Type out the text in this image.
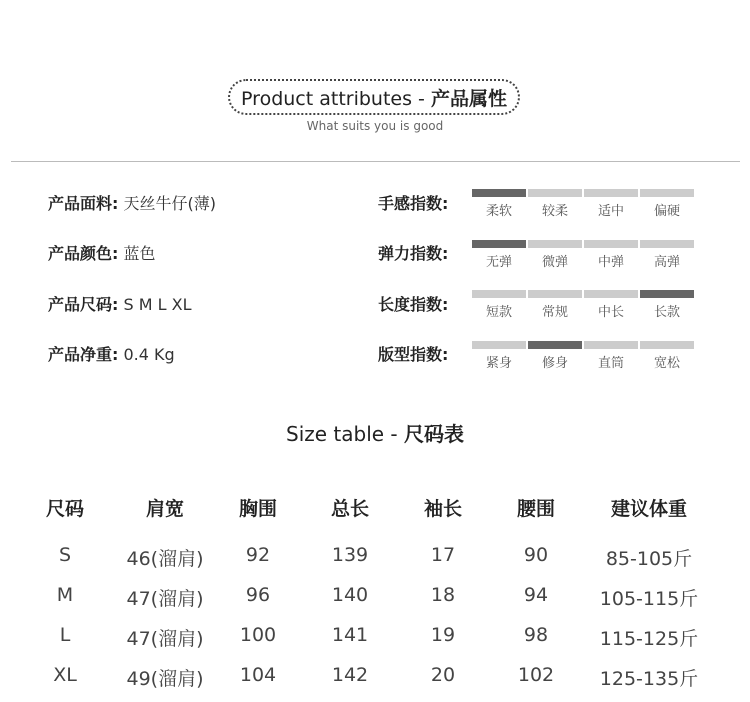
Product attributes - 产品属性
What suits you is good
产品面料: 天丝牛仔(薄)
产品颜色: 蓝色
产品尺码: S M L XL
产品净重: 0.4 Kg
手感指数:
弹力指数:
长度指数:
版型指数:
柔软	较柔	适中	偏硬
无弹	微弹	中弹	高弹
短款	常规	中长	长款
紧身	修身	直筒	宽松
Size table - 尺码表
尺码	肩宽	胸围	总长	袖长	腰围	建议体重
S	46(溜肩)	92	139	17	90	85-105斤
M	47(溜肩)	96	140	18	94	105-115斤
L	47(溜肩)	100	141	19	98	115-125斤
XL	49(溜肩)	104	142	20	102	125-135斤
